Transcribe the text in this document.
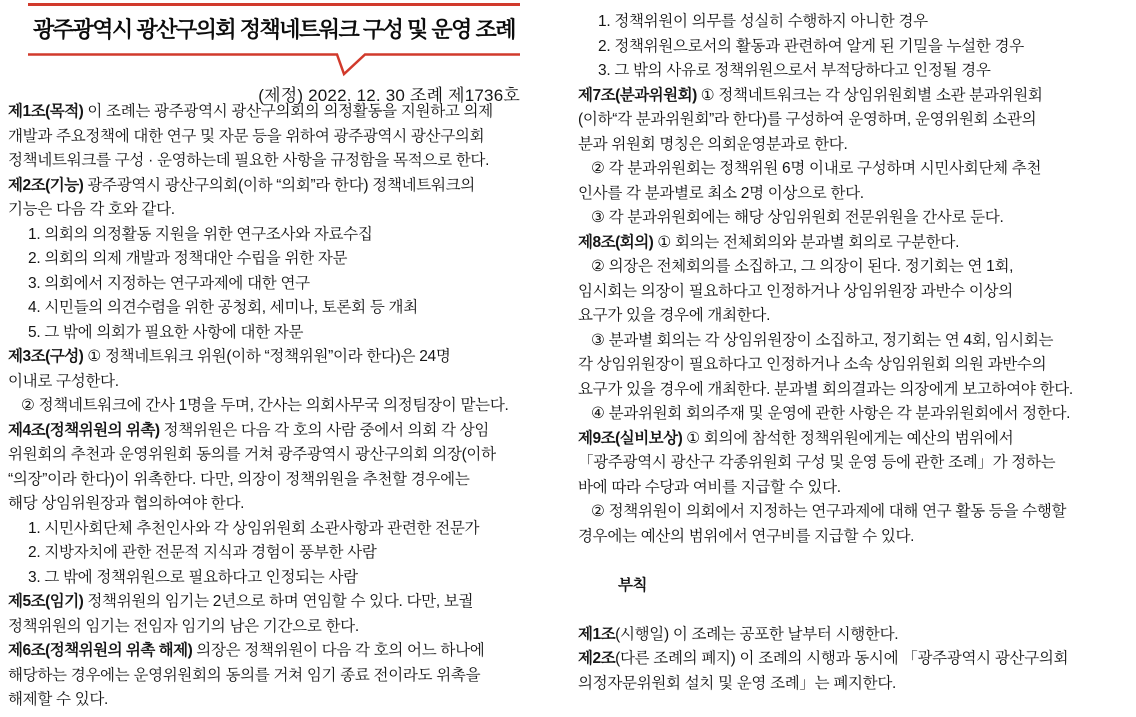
광주광역시 광산구의회 정책네트워크 구성 및 운영 조례
(제정) 2022. 12. 30 조례 제1736호
제1조(목적) 이 조례는 광주광역시 광산구의회의 의정활동을 지원하고 의제
개발과 주요정책에 대한 연구 및 자문 등을 위하여 광주광역시 광산구의회
정책네트워크를 구성 · 운영하는데 필요한 사항을 규정함을 목적으로 한다.
제2조(기능) 광주광역시 광산구의회(이하 “의회”라 한다) 정책네트워크의
기능은 다음 각 호와 같다.
1. 의회의 의정활동 지원을 위한 연구조사와 자료수집
2. 의회의 의제 개발과 정책대안 수립을 위한 자문
3. 의회에서 지정하는 연구과제에 대한 연구
4. 시민들의 의견수렴을 위한 공청회, 세미나, 토론회 등 개최
5. 그 밖에 의회가 필요한 사항에 대한 자문
제3조(구성) ① 정책네트워크 위원(이하 “정책위원”이라 한다)은 24명
이내로 구성한다.
② 정책네트워크에 간사 1명을 두며, 간사는 의회사무국 의정팀장이 맡는다.
제4조(정책위원의 위촉) 정책위원은 다음 각 호의 사람 중에서 의회 각 상임
위원회의 추천과 운영위원회 동의를 거쳐 광주광역시 광산구의회 의장(이하
“의장”이라 한다)이 위촉한다. 다만, 의장이 정책위원을 추천할 경우에는
해당 상임위원장과 협의하여야 한다.
1. 시민사회단체 추천인사와 각 상임위원회 소관사항과 관련한 전문가
2. 지방자치에 관한 전문적 지식과 경험이 풍부한 사람
3. 그 밖에 정책위원으로 필요하다고 인정되는 사람
제5조(임기) 정책위원의 임기는 2년으로 하며 연임할 수 있다. 다만, 보궐
정책위원의 임기는 전임자 임기의 남은 기간으로 한다.
제6조(정책위원의 위촉 해제) 의장은 정책위원이 다음 각 호의 어느 하나에
해당하는 경우에는 운영위원회의 동의를 거쳐 임기 종료 전이라도 위촉을
해제할 수 있다.
1. 정책위원이 의무를 성실히 수행하지 아니한 경우
2. 정책위원으로서의 활동과 관련하여 알게 된 기밀을 누설한 경우
3. 그 밖의 사유로 정책위원으로서 부적당하다고 인정될 경우
제7조(분과위원회) ① 정책네트워크는 각 상임위원회별 소관 분과위원회
(이하“각 분과위원회”라 한다)를 구성하여 운영하며, 운영위원회 소관의
분과 위원회 명칭은 의회운영분과로 한다.
② 각 분과위원회는 정책위원 6명 이내로 구성하며 시민사회단체 추천
인사를 각 분과별로 최소 2명 이상으로 한다.
③ 각 분과위원회에는 해당 상임위원회 전문위원을 간사로 둔다.
제8조(회의) ① 회의는 전체회의와 분과별 회의로 구분한다.
② 의장은 전체회의를 소집하고, 그 의장이 된다. 정기회는 연 1회,
임시회는 의장이 필요하다고 인정하거나 상임위원장 과반수 이상의
요구가 있을 경우에 개최한다.
③ 분과별 회의는 각 상임위원장이 소집하고, 정기회는 연 4회, 임시회는
각 상임위원장이 필요하다고 인정하거나 소속 상임위원회 의원 과반수의
요구가 있을 경우에 개최한다. 분과별 회의결과는 의장에게 보고하여야 한다.
④ 분과위원회 회의주재 및 운영에 관한 사항은 각 분과위원회에서 정한다.
제9조(실비보상) ① 회의에 참석한 정책위원에게는 예산의 범위에서
「광주광역시 광산구 각종위원회 구성 및 운영 등에 관한 조례」가 정하는
바에 따라 수당과 여비를 지급할 수 있다.
② 정책위원이 의회에서 지정하는 연구과제에 대해 연구 활동 등을 수행할
경우에는 예산의 범위에서 연구비를 지급할 수 있다.
부칙
제1조(시행일) 이 조례는 공포한 날부터 시행한다.
제2조(다른 조례의 폐지) 이 조례의 시행과 동시에 「광주광역시 광산구의회
의정자문위원회 설치 및 운영 조례」는 폐지한다.
